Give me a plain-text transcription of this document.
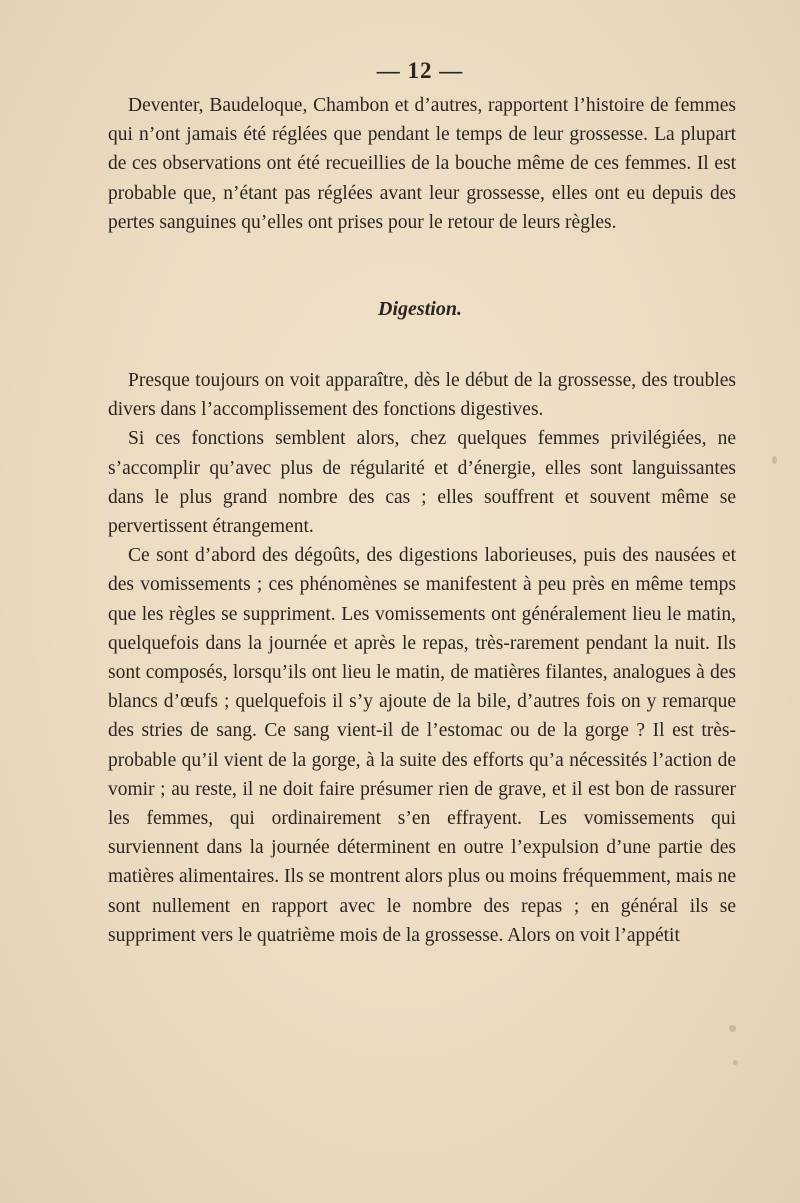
— 12 —

Deventer, Baudeloque, Chambon et d’autres, rapportent l’histoire de femmes qui n’ont jamais été réglées que pendant le temps de leur grossesse. La plupart de ces observations ont été recueillies de la bouche même de ces femmes. Il est probable que, n’étant pas réglées avant leur grossesse, elles ont eu depuis des pertes sanguines qu’elles ont prises pour le retour de leurs règles.

Digestion.

Presque toujours on voit apparaître, dès le début de la grossesse, des troubles divers dans l’accomplissement des fonctions digestives.

Si ces fonctions semblent alors, chez quelques femmes privilégiées, ne s’accomplir qu’avec plus de régularité et d’énergie, elles sont languissantes dans le plus grand nombre des cas ; elles souffrent et souvent même se pervertissent étrangement.

Ce sont d’abord des dégoûts, des digestions laborieuses, puis des nausées et des vomissements ; ces phénomènes se manifestent à peu près en même temps que les règles se suppriment. Les vomissements ont généralement lieu le matin, quelquefois dans la journée et après le repas, très-rarement pendant la nuit. Ils sont composés, lorsqu’ils ont lieu le matin, de matières filantes, analogues à des blancs d’œufs ; quelquefois il s’y ajoute de la bile, d’autres fois on y remarque des stries de sang. Ce sang vient-il de l’estomac ou de la gorge ? Il est très-probable qu’il vient de la gorge, à la suite des efforts qu’a nécessités l’action de vomir ; au reste, il ne doit faire présumer rien de grave, et il est bon de rassurer les femmes, qui ordinairement s’en effrayent. Les vomissements qui surviennent dans la journée déterminent en outre l’expulsion d’une partie des matières alimentaires. Ils se montrent alors plus ou moins fréquemment, mais ne sont nullement en rapport avec le nombre des repas ; en général ils se suppriment vers le quatrième mois de la grossesse. Alors on voit l’appétit
